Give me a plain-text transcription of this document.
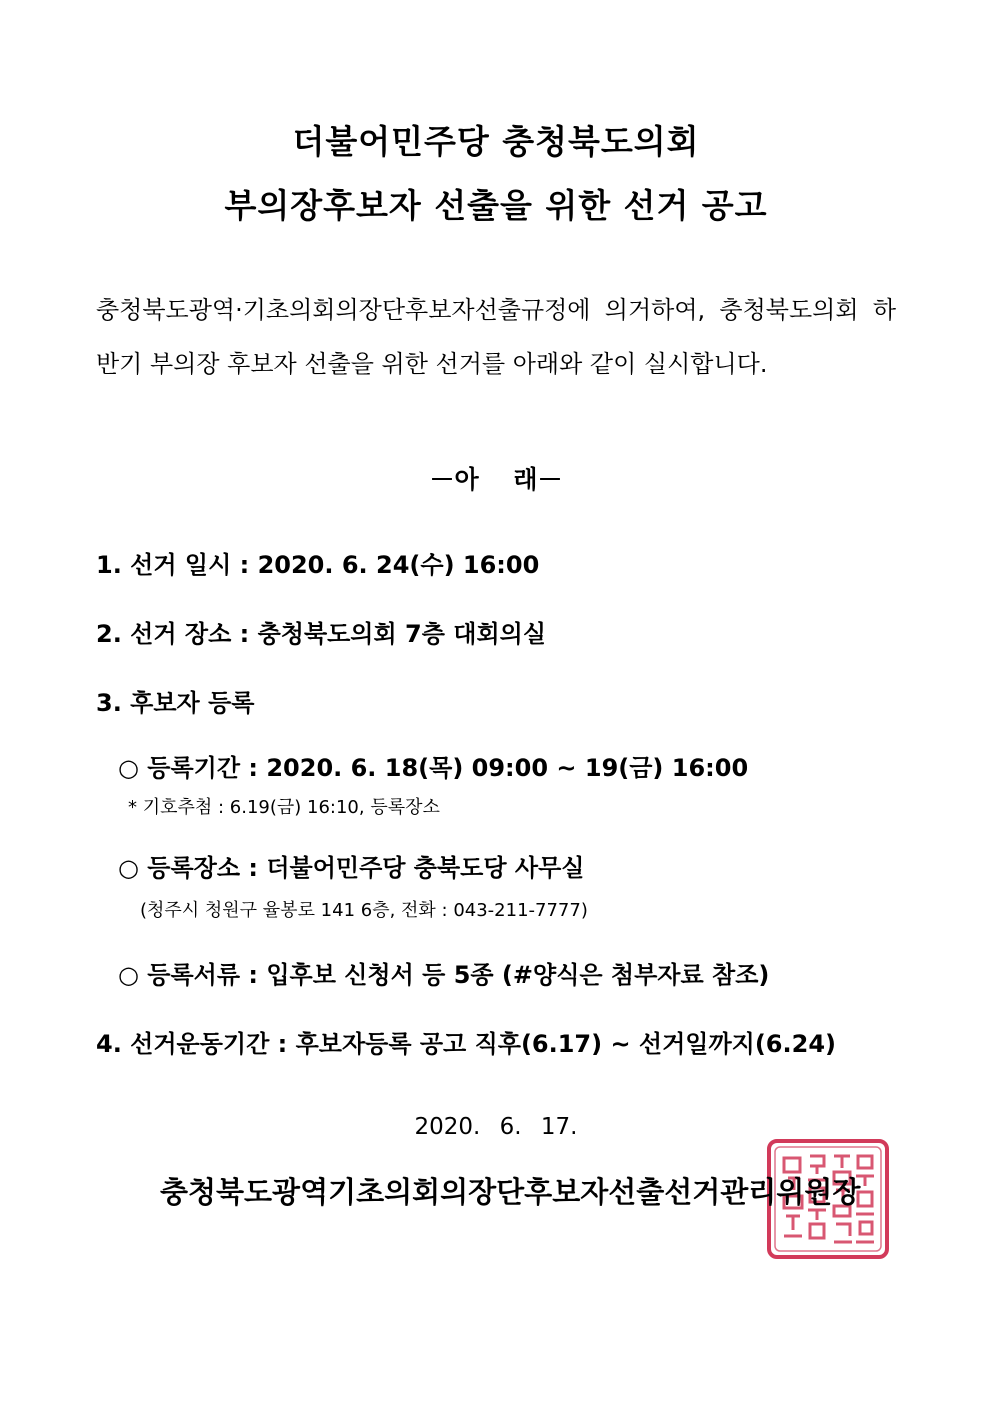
더불어민주당 충청북도의회
부의장후보자 선출을 위한 선거 공고

충청북도광역·기초의회의장단후보자선출규정에 의거하여, 충청북도의회 하반기 부의장 후보자 선출을 위한 선거를 아래와 같이 실시합니다.

－아 래－
1. 선거 일시 : 2020. 6. 24(수) 16:00
2. 선거 장소 : 충청북도의회 7층 대회의실
3. 후보자 등록
○ 등록기간 : 2020. 6. 18(목) 09:00 ~ 19(금) 16:00
* 기호추첨 : 6.19(금) 16:10, 등록장소
○ 등록장소 : 더불어민주당 충북도당 사무실
(청주시 청원구 율봉로 141 6층, 전화 : 043-211-7777)
○ 등록서류 : 입후보 신청서 등 5종 (#양식은 첨부자료 참조)
4. 선거운동기간 : 후보자등록 공고 직후(6.17) ~ 선거일까지(6.24)
2020. 6. 17.
충청북도광역기초의회의장단후보자선출선거관리위원장
